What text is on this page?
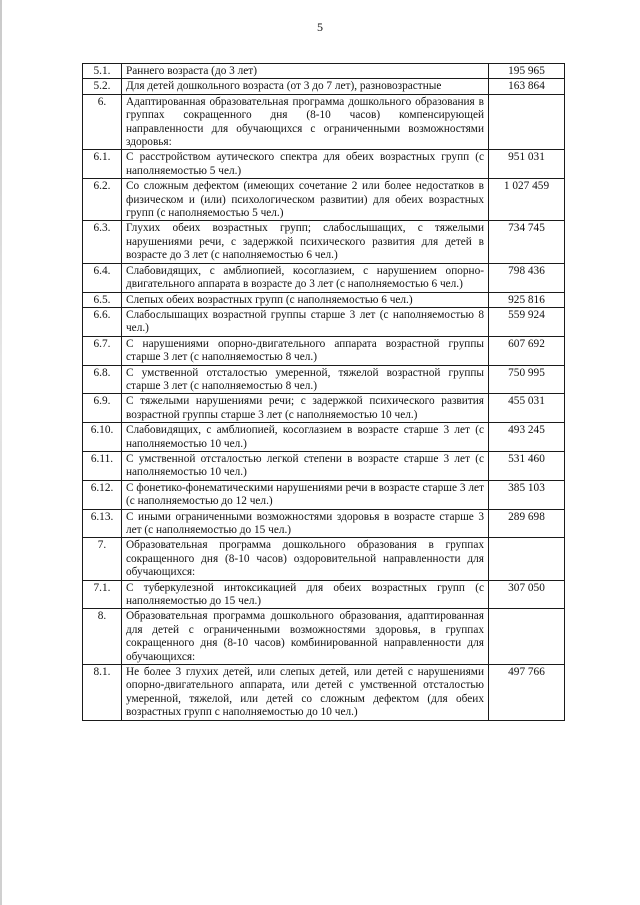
5
5.1.	Раннего возраста (до 3 лет)	195 965
5.2.	Для детей дошкольного возраста (от 3 до 7 лет), разновозрастные	163 864
6.	Адаптированная образовательная программа дошкольного образования в группах сокращенного дня (8-10 часов) компенсирующей направленности для обучающихся с ограниченными возможностями здоровья:	
6.1.	С расстройством аутического спектра для обеих возрастных групп (с наполняемостью 5 чел.)	951 031
6.2.	Со сложным дефектом (имеющих сочетание 2 или более недостатков в физическом и (или) психологическом развитии) для обеих возрастных групп (с наполняемостью 5 чел.)	1 027 459
6.3.	Глухих обеих возрастных групп; слабослышащих, с тяжелыми нарушениями речи, с задержкой психического развития для детей в возрасте до 3 лет (с наполняемостью 6 чел.)	734 745
6.4.	Слабовидящих, с амблиопией, косоглазием, с нарушением опорно-двигательного аппарата в возрасте до 3 лет (с наполняемостью 6 чел.)	798 436
6.5.	Слепых обеих возрастных групп (с наполняемостью 6 чел.)	925 816
6.6.	Слабослышащих возрастной группы старше 3 лет (с наполняемостью 8 чел.)	559 924
6.7.	С нарушениями опорно-двигательного аппарата возрастной группы старше 3 лет (с наполняемостью 8 чел.)	607 692
6.8.	С умственной отсталостью умеренной, тяжелой возрастной группы старше 3 лет (с наполняемостью 8 чел.)	750 995
6.9.	С тяжелыми нарушениями речи; с задержкой психического развития возрастной группы старше 3 лет (с наполняемостью 10 чел.)	455 031
6.10.	Слабовидящих, с амблиопией, косоглазием в возрасте старше 3 лет (с наполняемостью 10 чел.)	493 245
6.11.	С умственной отсталостью легкой степени в возрасте старше 3 лет (с наполняемостью 10 чел.)	531 460
6.12.	С фонетико-фонематическими нарушениями речи в возрасте старше 3 лет (с наполняемостью до 12 чел.)	385 103
6.13.	С иными ограниченными возможностями здоровья в возрасте старше 3 лет (с наполняемостью до 15 чел.)	289 698
7.	Образовательная программа дошкольного образования в группах сокращенного дня (8-10 часов) оздоровительной направленности для обучающихся:	
7.1.	С туберкулезной интоксикацией для обеих возрастных групп (с наполняемостью до 15 чел.)	307 050
8.	Образовательная программа дошкольного образования, адаптированная для детей с ограниченными возможностями здоровья, в группах сокращенного дня (8-10 часов) комбинированной направленности для обучающихся:	
8.1.	Не более 3 глухих детей, или слепых детей, или детей с нарушениями опорно-двигательного аппарата, или детей с умственной отсталостью умеренной, тяжелой, или детей со сложным дефектом (для обеих возрастных групп с наполняемостью до 10 чел.)	497 766
